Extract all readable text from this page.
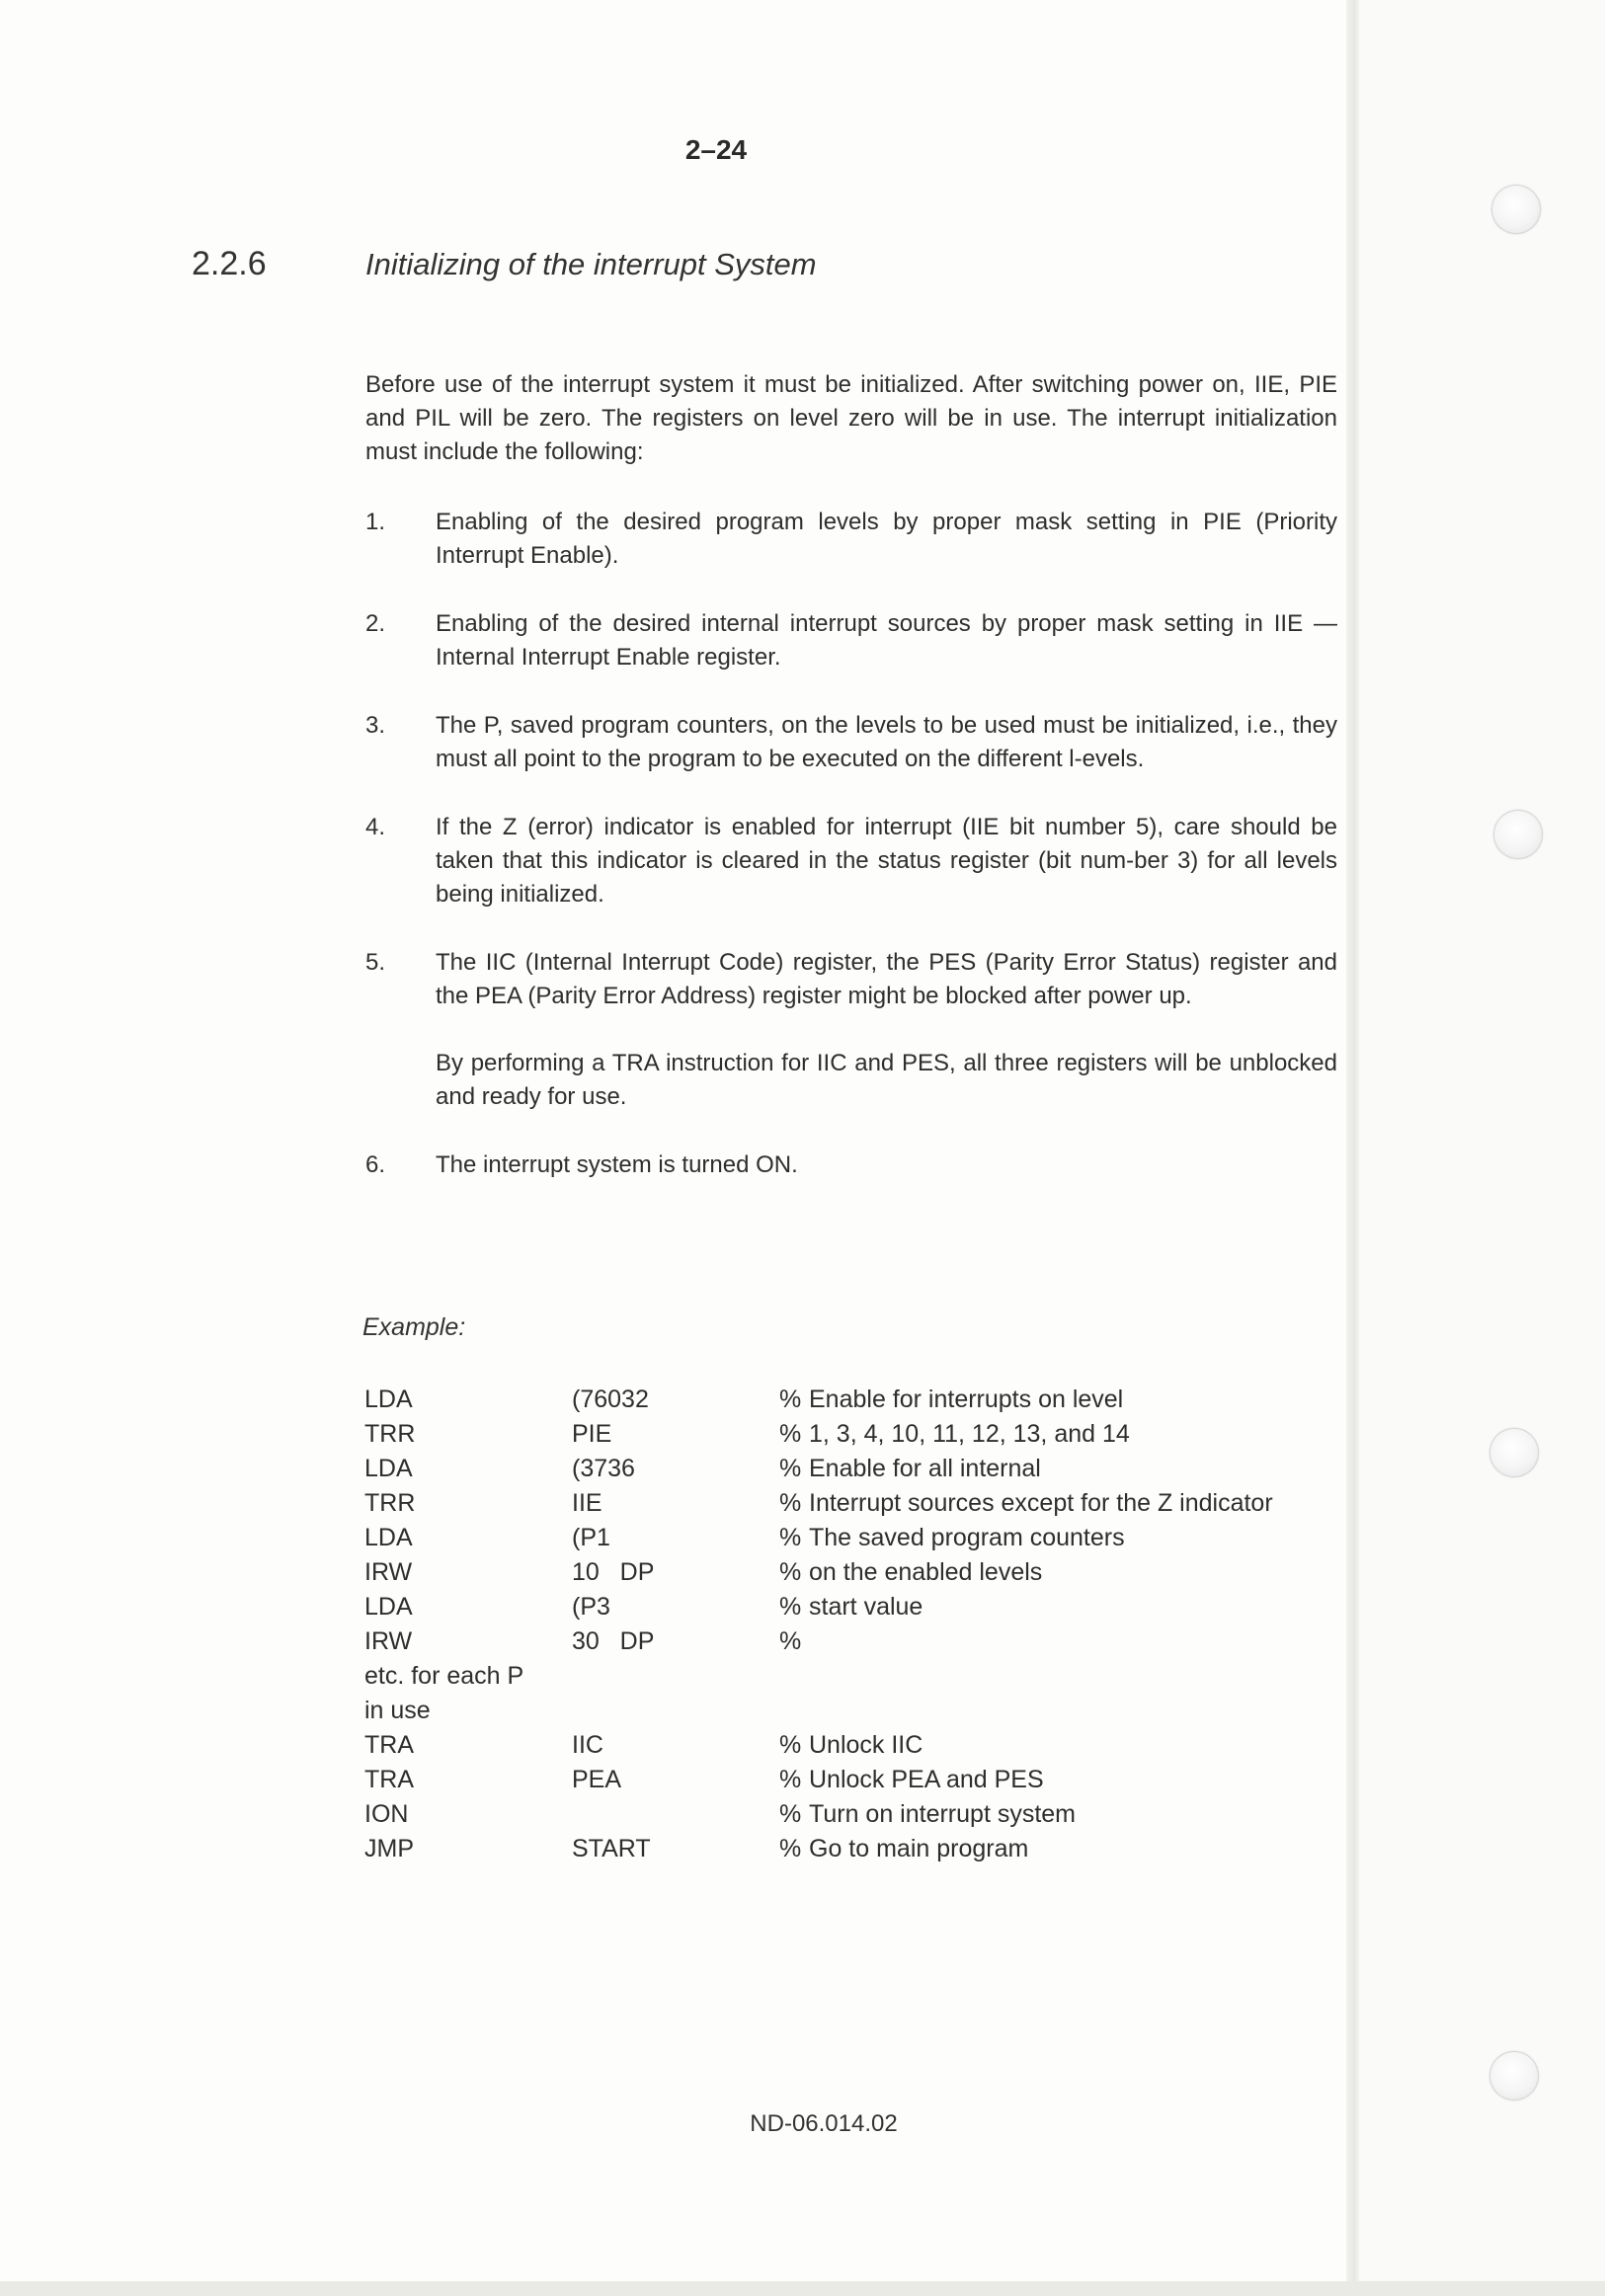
2–24
2.2.6	Initializing of the interrupt System
Before use of the interrupt system it must be initialized. After switching power on, IIE, PIE and PIL will be zero. The registers on level zero will be in use. The interrupt initialization must include the following:
1. Enabling of the desired program levels by proper mask setting in PIE (Priority Interrupt Enable).
2. Enabling of the desired internal interrupt sources by proper mask setting in IIE — Internal Interrupt Enable register.
3. The P, saved program counters, on the levels to be used must be initialized, i.e., they must all point to the program to be executed on the different l-evels.
4. If the Z (error) indicator is enabled for interrupt (IIE bit number 5), care should be taken that this indicator is cleared in the status register (bit num-ber 3) for all levels being initialized.
5. The IIC (Internal Interrupt Code) register, the PES (Parity Error Status) register and the PEA (Parity Error Address) register might be blocked after power up.
By performing a TRA instruction for IIC and PES, all three registers will be unblocked and ready for use.
6. The interrupt system is turned ON.
Example:
LDA	(76032	%	Enable for interrupts on level
TRR	PIE	%	1, 3, 4, 10, 11, 12, 13, and 14
LDA	(3736	%	Enable for all internal
TRR	IIE	%	Interrupt sources except for the Z indicator
LDA	(P1	%	The saved program counters
IRW	10   DP	%	on the enabled levels
LDA	(P3	%	start value
IRW	30   DP	%	
etc. for each P			
in use			
TRA	IIC	%	Unlock IIC
TRA	PEA	%	Unlock PEA and PES
ION		%	Turn on interrupt system
JMP	START	%	Go to main program
ND-06.014.02
